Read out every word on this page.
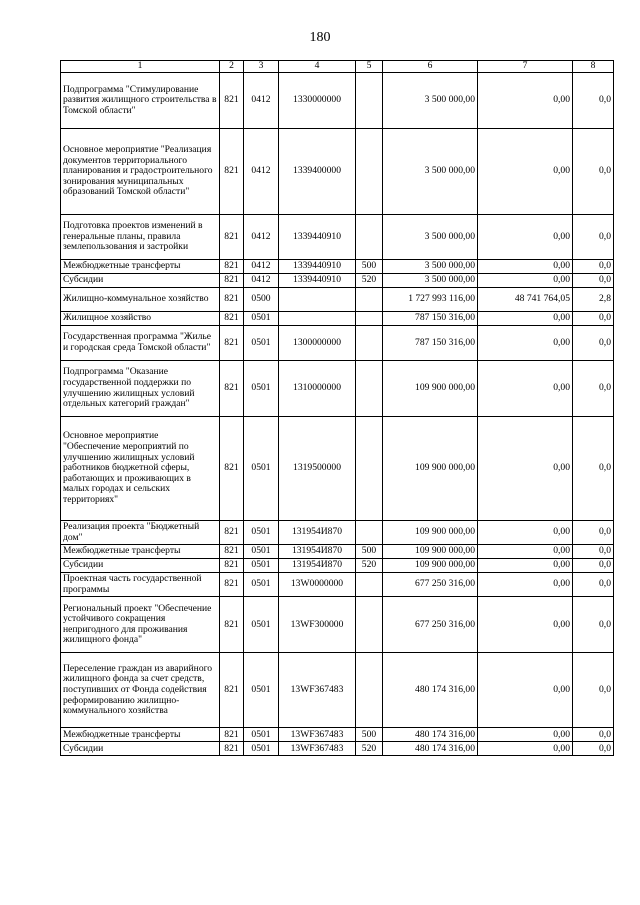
180
1	2	3	4	5	6	7	8
Подпрограмма "Стимулирование развития жилищного строительства в Томской области"	821	0412	1330000000		3 500 000,00	0,00	0,0
Основное мероприятие "Реализация документов территориального планирования и градостроительного зонирования муниципальных образований Томской области"	821	0412	1339400000		3 500 000,00	0,00	0,0
Подготовка проектов изменений в генеральные планы, правила землепользования и застройки	821	0412	1339440910		3 500 000,00	0,00	0,0
Межбюджетные трансферты	821	0412	1339440910	500	3 500 000,00	0,00	0,0
Субсидии	821	0412	1339440910	520	3 500 000,00	0,00	0,0
Жилищно-коммунальное хозяйство	821	0500			1 727 993 116,00	48 741 764,05	2,8
Жилищное хозяйство	821	0501			787 150 316,00	0,00	0,0
Государственная программа "Жилье и городская среда Томской области"	821	0501	1300000000		787 150 316,00	0,00	0,0
Подпрограмма "Оказание государственной поддержки по улучшению жилищных условий отдельных категорий граждан"	821	0501	1310000000		109 900 000,00	0,00	0,0
Основное мероприятие "Обеспечение мероприятий по улучшению жилищных условий работников бюджетной сферы, работающих и проживающих в малых городах и сельских территориях"	821	0501	1319500000		109 900 000,00	0,00	0,0
Реализация проекта "Бюджетный дом"	821	0501	131954И870		109 900 000,00	0,00	0,0
Межбюджетные трансферты	821	0501	131954И870	500	109 900 000,00	0,00	0,0
Субсидии	821	0501	131954И870	520	109 900 000,00	0,00	0,0
Проектная часть государственной программы	821	0501	13W0000000		677 250 316,00	0,00	0,0
Региональный проект "Обеспечение устойчивого сокращения непригодного для проживания жилищного фонда"	821	0501	13WF300000		677 250 316,00	0,00	0,0
Переселение граждан из аварийного жилищного фонда за счет средств, поступивших от Фонда содействия реформированию жилищно-коммунального хозяйства	821	0501	13WF367483		480 174 316,00	0,00	0,0
Межбюджетные трансферты	821	0501	13WF367483	500	480 174 316,00	0,00	0,0
Субсидии	821	0501	13WF367483	520	480 174 316,00	0,00	0,0
